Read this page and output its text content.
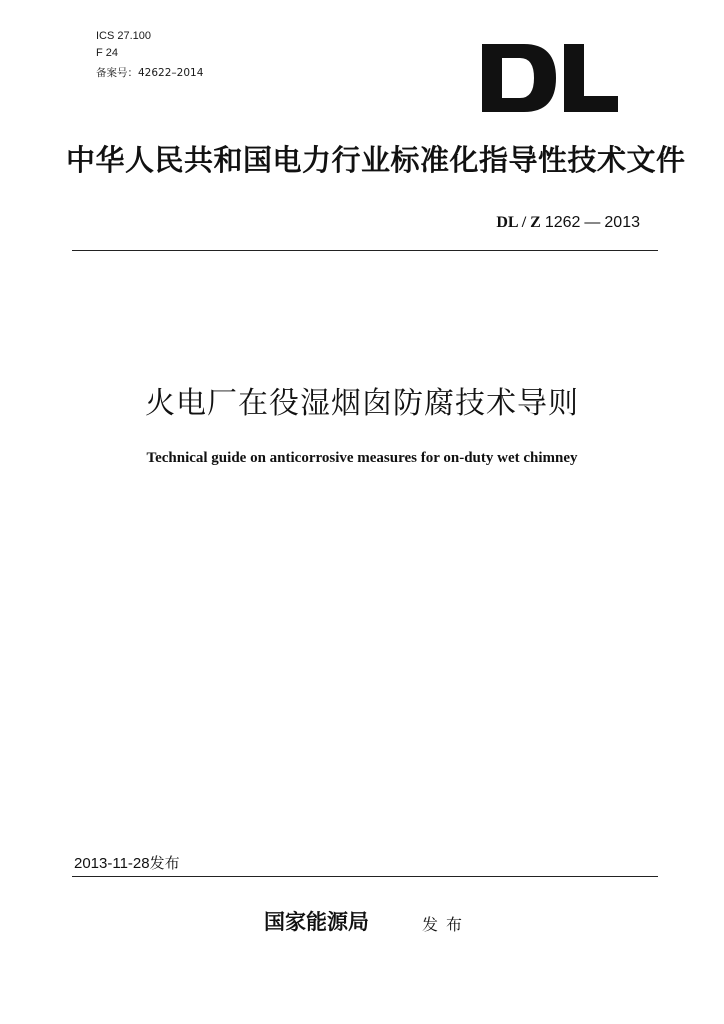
ICS 27.100
F 24
备案号：42622–2014
中华人民共和国电力行业标准化指导性技术文件
DL / Z 1262 — 2013
火电厂在役湿烟囱防腐技术导则
Technical guide on anticorrosive measures for on-duty wet chimney
2013-11-28发布
国家能源局	发布
